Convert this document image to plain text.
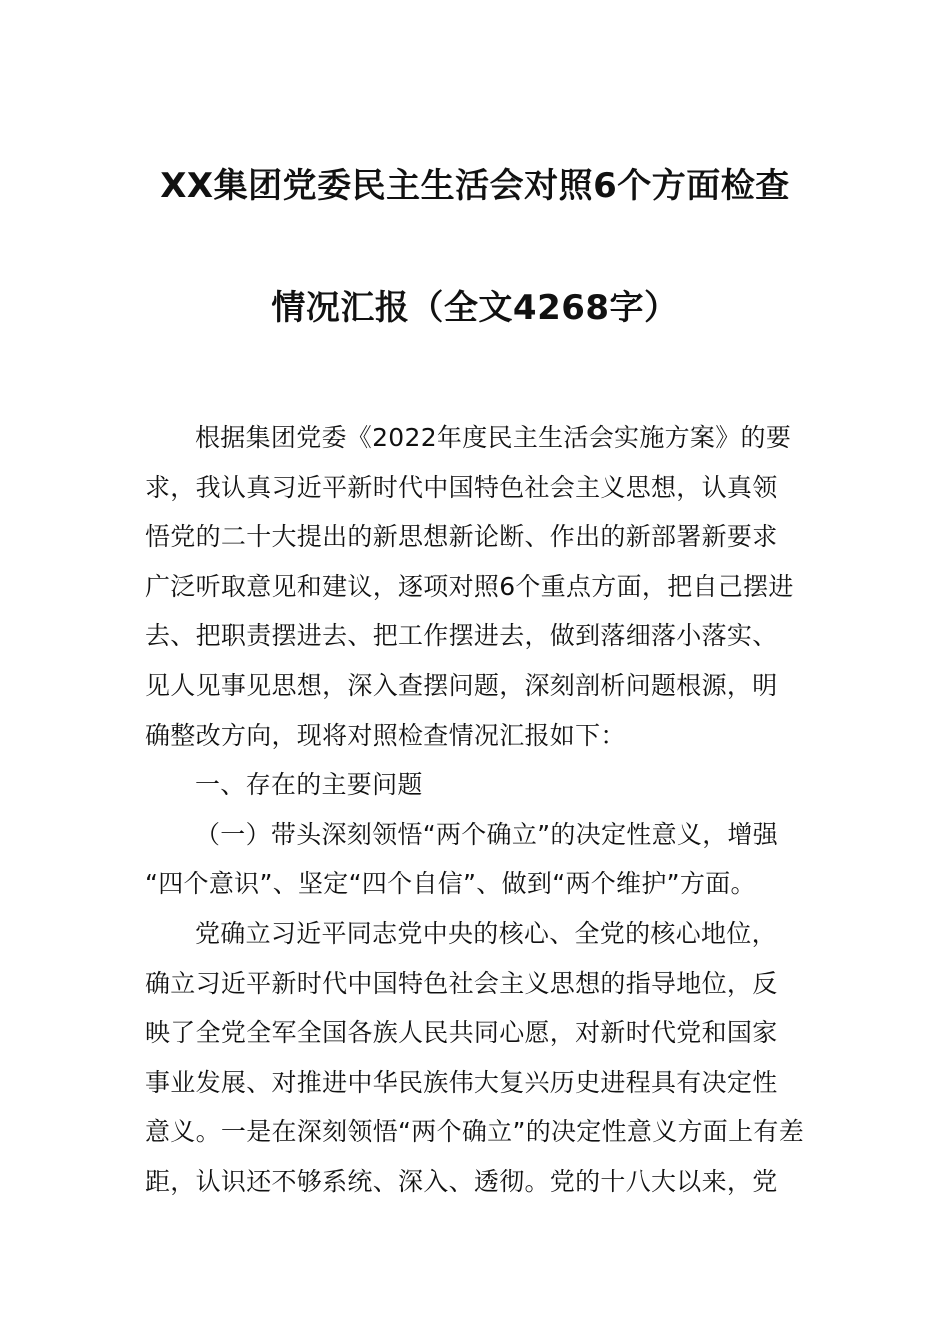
XX集团党委民主生活会对照6个方面检查
情况汇报（全文4268字）
根据集团党委《2022年度民主生活会实施方案》的要
求，我认真习近平新时代中国特色社会主义思想，认真领
悟党的二十大提出的新思想新论断、作出的新部署新要求
广泛听取意见和建议，逐项对照6个重点方面，把自己摆进
去、把职责摆进去、把工作摆进去，做到落细落小落实、
见人见事见思想，深入查摆问题，深刻剖析问题根源，明
确整改方向，现将对照检查情况汇报如下：
一、存在的主要问题
（一）带头深刻领悟“两个确立”的决定性意义，增强
“四个意识”、坚定“四个自信”、做到“两个维护”方面。
党确立习近平同志党中央的核心、全党的核心地位，
确立习近平新时代中国特色社会主义思想的指导地位，反
映了全党全军全国各族人民共同心愿，对新时代党和国家
事业发展、对推进中华民族伟大复兴历史进程具有决定性
意义。一是在深刻领悟“两个确立”的决定性意义方面上有差
距，认识还不够系统、深入、透彻。党的十八大以来，党
